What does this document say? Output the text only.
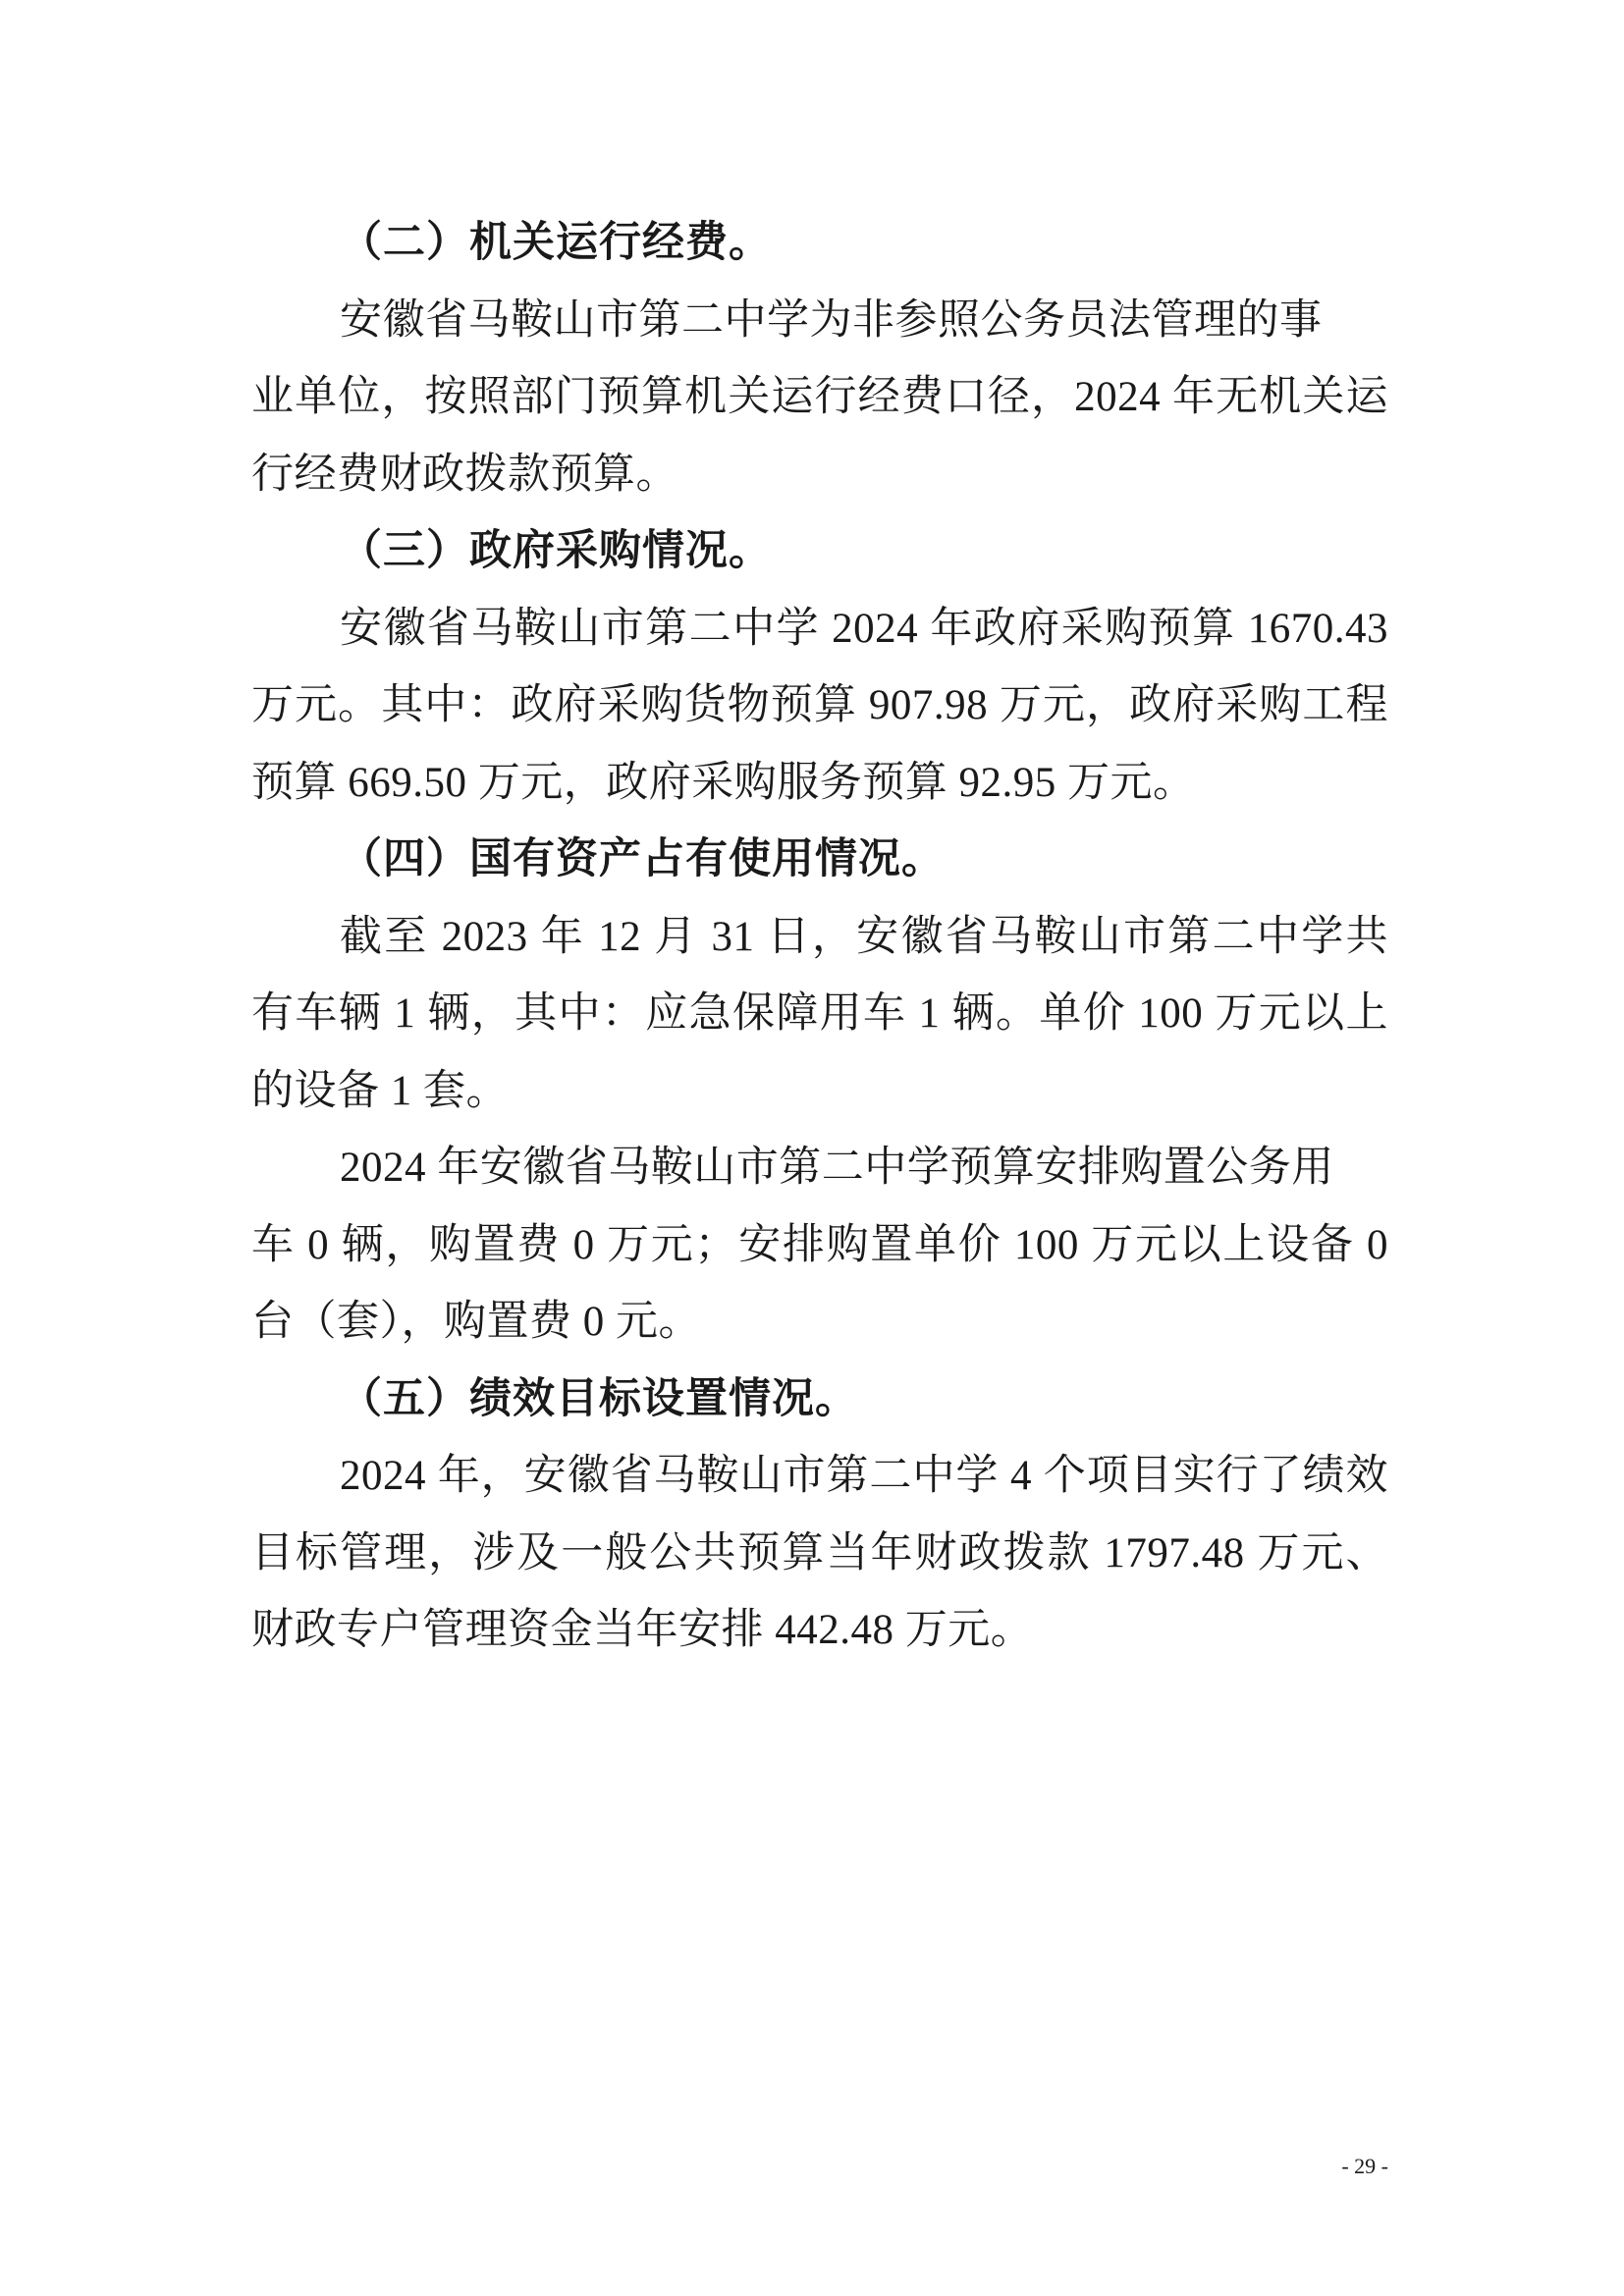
（二）机关运行经费。
安徽省马鞍山市第二中学为非参照公务员法管理的事
业单位，按照部门预算机关运行经费口径，2024 年无机关运
行经费财政拨款预算。
（三）政府采购情况。
安徽省马鞍山市第二中学 2024 年政府采购预算 1670.43
万元。其中：政府采购货物预算 907.98 万元，政府采购工程
预算 669.50 万元，政府采购服务预算 92.95 万元。
（四）国有资产占有使用情况。
截至 2023 年 12 月 31 日，安徽省马鞍山市第二中学共
有车辆 1 辆，其中：应急保障用车 1 辆。单价 100 万元以上
的设备 1 套。
2024 年安徽省马鞍山市第二中学预算安排购置公务用
车 0 辆，购置费 0 万元；安排购置单价 100 万元以上设备 0
台（套），购置费 0 元。
（五）绩效目标设置情况。
2024 年，安徽省马鞍山市第二中学 4 个项目实行了绩效
目标管理，涉及一般公共预算当年财政拨款 1797.48 万元、
财政专户管理资金当年安排 442.48 万元。
- 29 -
